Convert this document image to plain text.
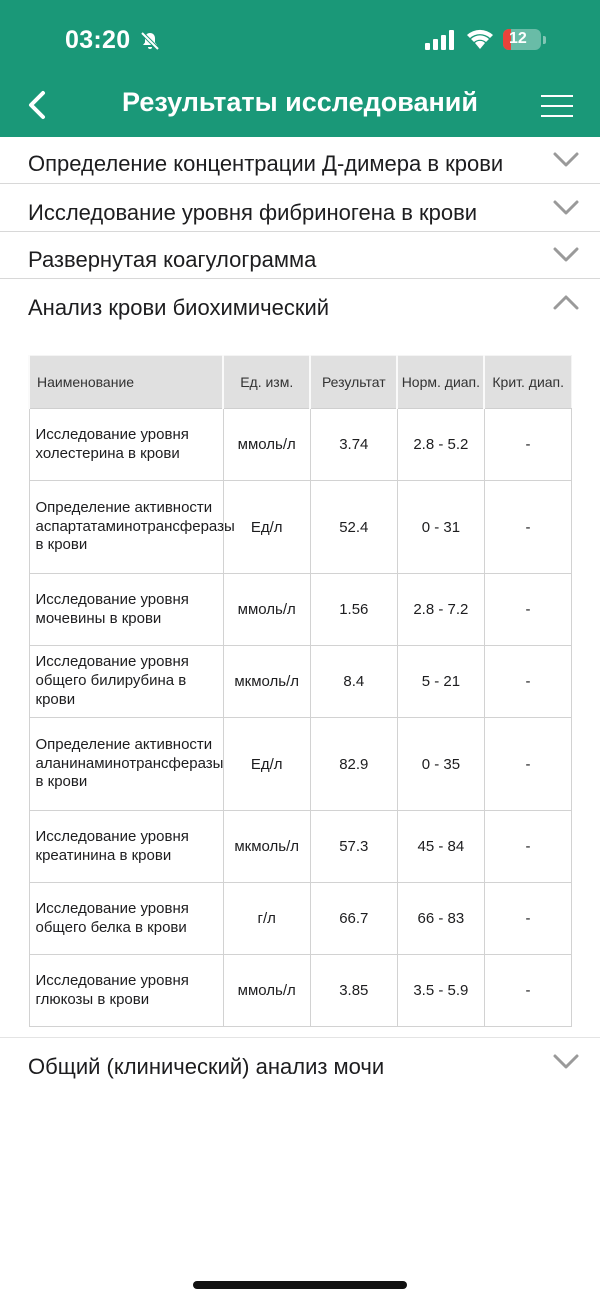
03:20	12
Результаты исследований
Определение концентрации Д-димера в крови
Исследование уровня фибриногена в крови
Развернутая коагулограмма
Анализ крови биохимический
Наименование	Ед. изм.	Результат	Норм. диап.	Крит. диап.
Исследование уровня холестерина в крови	ммоль/л	3.74	2.8 - 5.2	-
Определение активности аспартатаминотрансферазы в крови	Ед/л	52.4	0 - 31	-
Исследование уровня мочевины в крови	ммоль/л	1.56	2.8 - 7.2	-
Исследование уровня общего билирубина в крови	мкмоль/л	8.4	5 - 21	-
Определение активности аланинаминотрансферазы в крови	Ед/л	82.9	0 - 35	-
Исследование уровня креатинина в крови	мкмоль/л	57.3	45 - 84	-
Исследование уровня общего белка в крови	г/л	66.7	66 - 83	-
Исследование уровня глюкозы в крови	ммоль/л	3.85	3.5 - 5.9	-
Общий (клинический) анализ мочи
